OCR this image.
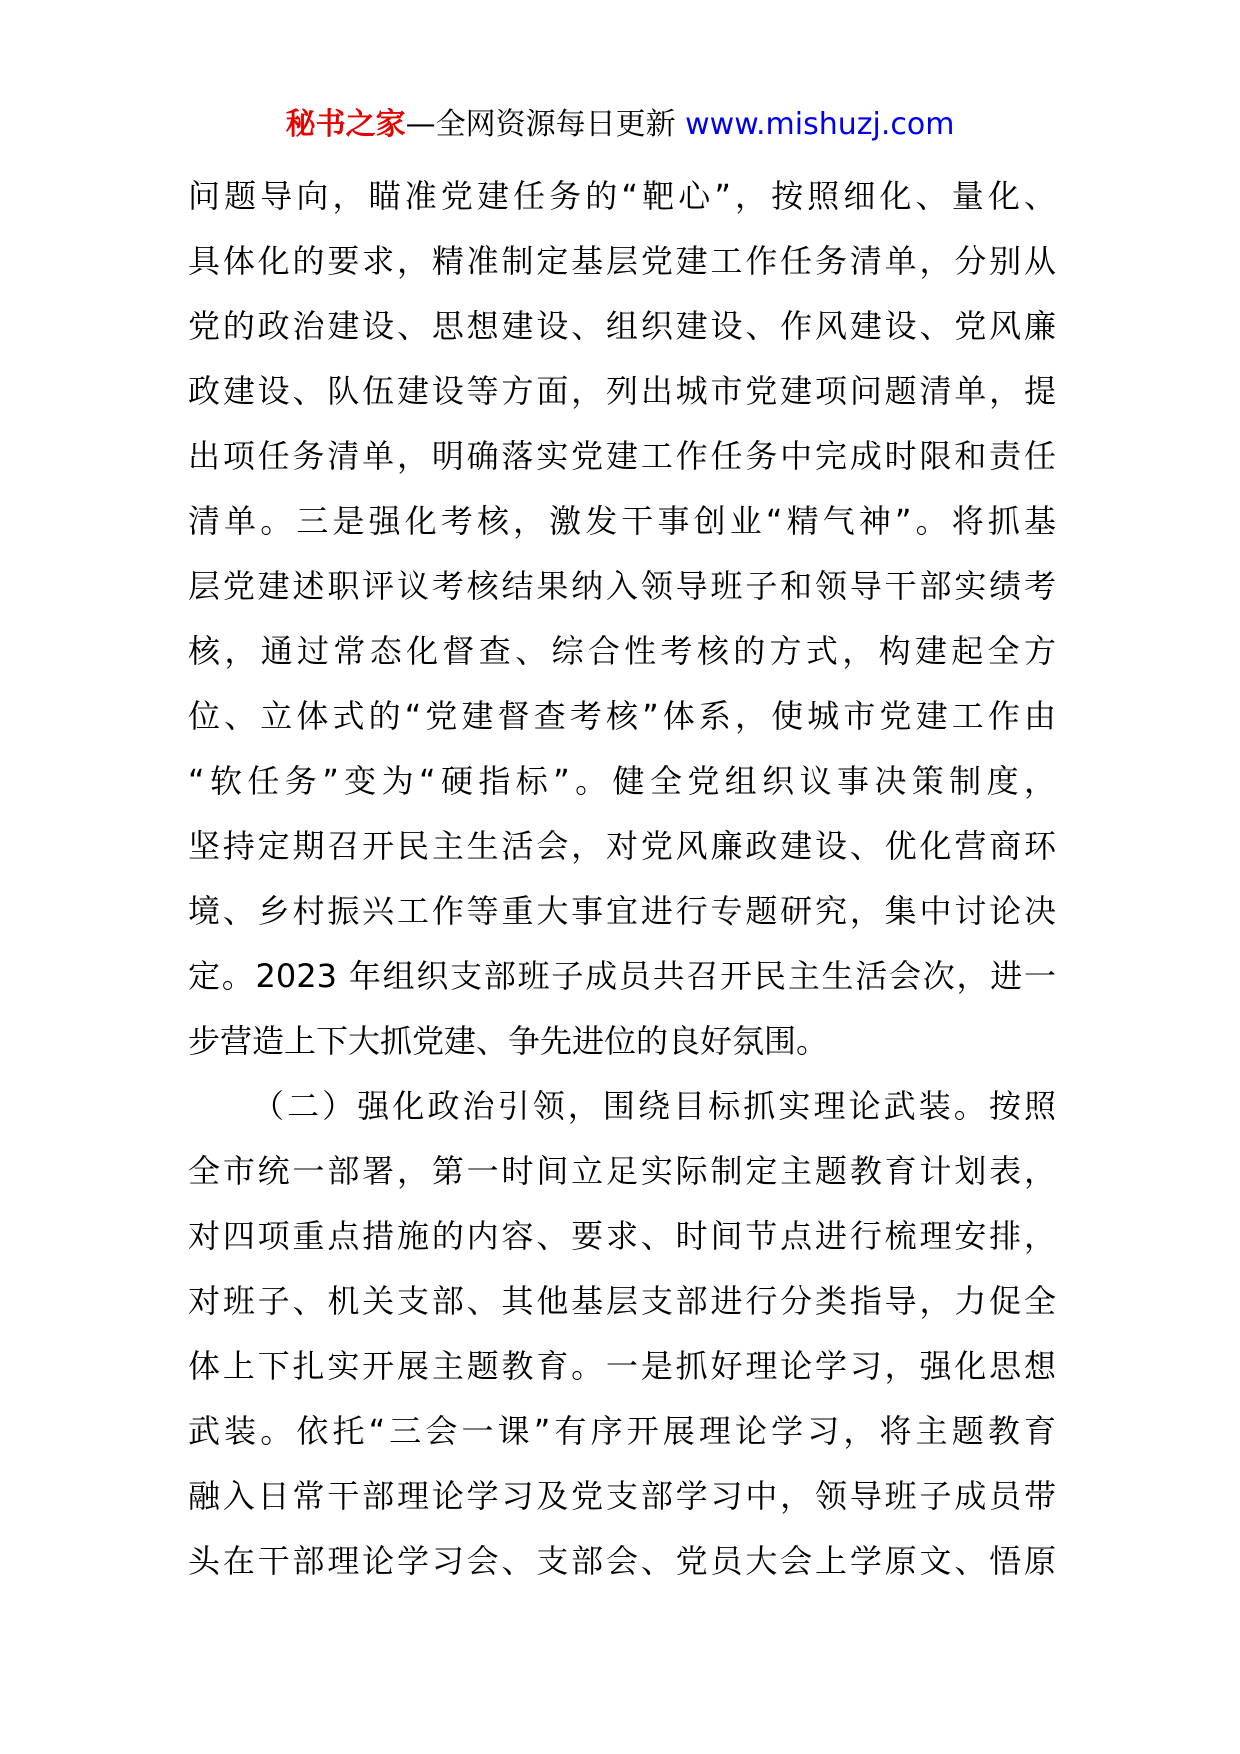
秘书之家—全网资源每日更新 www.mishuzj.com
问题导向，瞄准党建任务的“靶心”，按照细化、量化、
具体化的要求，精准制定基层党建工作任务清单，分别从
党的政治建设、思想建设、组织建设、作风建设、党风廉
政建设、队伍建设等方面，列出城市党建项问题清单，提
出项任务清单，明确落实党建工作任务中完成时限和责任
清单。三是强化考核，激发干事创业“精气神”。将抓基
层党建述职评议考核结果纳入领导班子和领导干部实绩考
核，通过常态化督查、综合性考核的方式，构建起全方
位、立体式的“党建督查考核”体系，使城市党建工作由
“软任务”变为“硬指标”。健全党组织议事决策制度，
坚持定期召开民主生活会，对党风廉政建设、优化营商环
境、乡村振兴工作等重大事宜进行专题研究，集中讨论决
定。2023 年组织支部班子成员共召开民主生活会次，进一
步营造上下大抓党建、争先进位的良好氛围。
（二）强化政治引领，围绕目标抓实理论武装。按照
全市统一部署，第一时间立足实际制定主题教育计划表，
对四项重点措施的内容、要求、时间节点进行梳理安排，
对班子、机关支部、其他基层支部进行分类指导，力促全
体上下扎实开展主题教育。一是抓好理论学习，强化思想
武装。依托“三会一课”有序开展理论学习，将主题教育
融入日常干部理论学习及党支部学习中，领导班子成员带
头在干部理论学习会、支部会、党员大会上学原文、悟原
